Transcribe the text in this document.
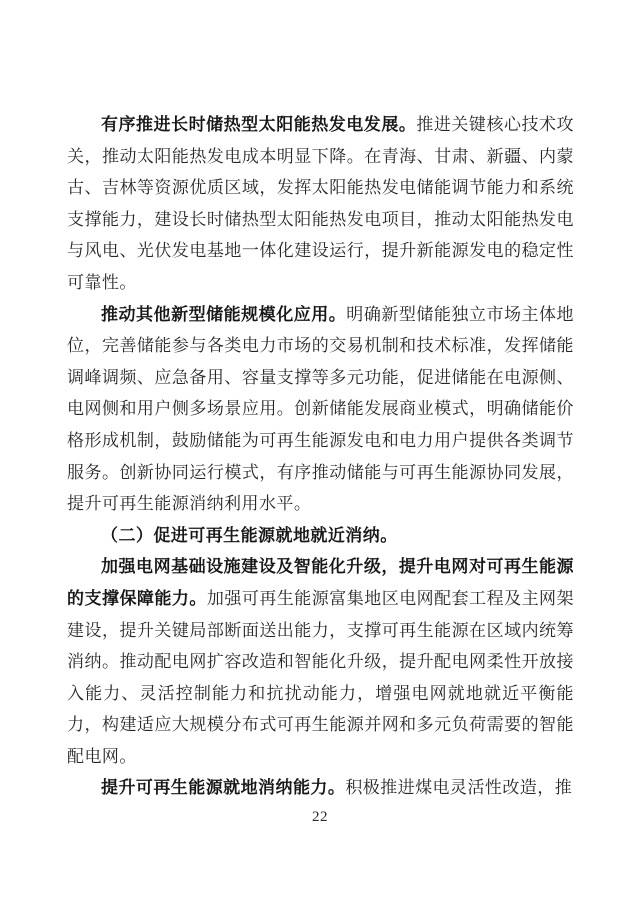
有序推进长时储热型太阳能热发电发展。推进关键核心技术攻关，推动太阳能热发电成本明显下降。在青海、甘肃、新疆、内蒙古、吉林等资源优质区域，发挥太阳能热发电储能调节能力和系统支撑能力，建设长时储热型太阳能热发电项目，推动太阳能热发电与风电、光伏发电基地一体化建设运行，提升新能源发电的稳定性可靠性。

推动其他新型储能规模化应用。明确新型储能独立市场主体地位，完善储能参与各类电力市场的交易机制和技术标准，发挥储能调峰调频、应急备用、容量支撑等多元功能，促进储能在电源侧、电网侧和用户侧多场景应用。创新储能发展商业模式，明确储能价格形成机制，鼓励储能为可再生能源发电和电力用户提供各类调节服务。创新协同运行模式，有序推动储能与可再生能源协同发展，提升可再生能源消纳利用水平。

（二）促进可再生能源就地就近消纳。

加强电网基础设施建设及智能化升级，提升电网对可再生能源的支撑保障能力。加强可再生能源富集地区电网配套工程及主网架建设，提升关键局部断面送出能力，支撑可再生能源在区域内统筹消纳。推动配电网扩容改造和智能化升级，提升配电网柔性开放接入能力、灵活控制能力和抗扰动能力，增强电网就地就近平衡能力，构建适应大规模分布式可再生能源并网和多元负荷需要的智能配电网。

提升可再生能源就地消纳能力。积极推进煤电灵活性改造，推

22
